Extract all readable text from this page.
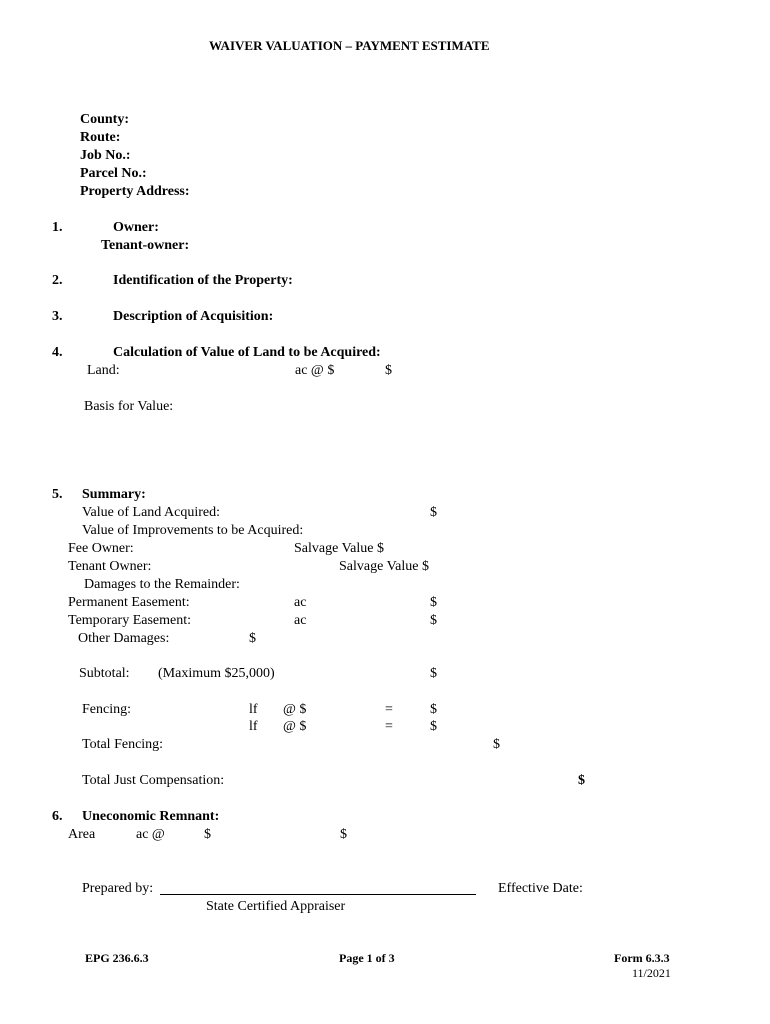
WAIVER VALUATION – PAYMENT ESTIMATE
County:
Route:
Job No.:
Parcel No.:
Property Address:
1.	Owner:
Tenant-owner:
2.	Identification of the Property:
3.	Description of Acquisition:
4.	Calculation of Value of Land to be Acquired:
Land:	ac @ $	$
Basis for Value:
5. Summary:
Value of Land Acquired:	$
Value of Improvements to be Acquired:
Fee Owner:	Salvage Value $
Tenant Owner:	Salvage Value $
Damages to the Remainder:
Permanent Easement:	ac	$
Temporary Easement:	ac	$
Other Damages:	$
Subtotal: (Maximum $25,000)	$
Fencing:	lf @ $	=	$
lf @ $	=	$
Total Fencing:	$
Total Just Compensation:	$
6. Uneconomic Remnant:
Area	ac @	$	$
Prepared by:	Effective Date:
State Certified Appraiser
EPG 236.6.3	Page 1 of 3	Form 6.3.3
11/2021
